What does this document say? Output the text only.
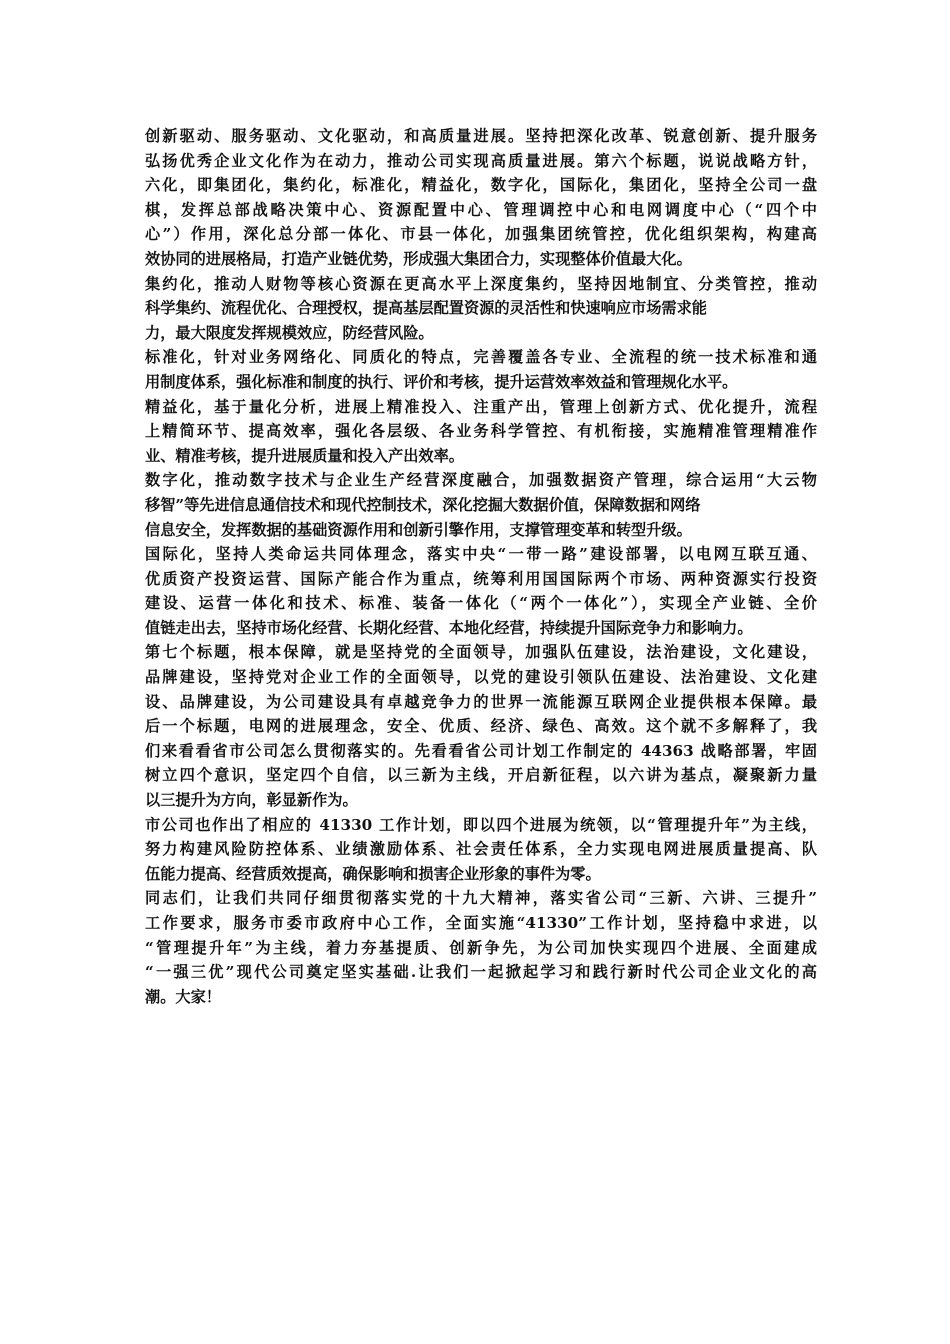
创新驱动、服务驱动、文化驱动，和高质量进展。坚持把深化改革、锐意创新、提升服务
弘扬优秀企业文化作为在动力，推动公司实现高质量进展。第六个标题，说说战略方针，
六化，即集团化，集约化，标准化，精益化，数字化，国际化，集团化，坚持全公司一盘
棋，发挥总部战略决策中心、资源配置中心、管理调控中心和电网调度中心（“四个中
心”）作用，深化总分部一体化、市县一体化，加强集团统管控，优化组织架构，构建高
效协同的进展格局，打造产业链优势，形成强大集团合力，实现整体价值最大化。
集约化，推动人财物等核心资源在更高水平上深度集约，坚持因地制宜、分类管控，推动
科学集约、流程优化、合理授权，提高基层配置资源的灵活性和快速响应市场需求能
力，最大限度发挥规模效应，防经营风险。
标准化，针对业务网络化、同质化的特点，完善覆盖各专业、全流程的统一技术标准和通
用制度体系，强化标准和制度的执行、评价和考核，提升运营效率效益和管理规化水平。
精益化，基于量化分析，进展上精准投入、注重产出，管理上创新方式、优化提升，流程
上精简环节、提高效率，强化各层级、各业务科学管控、有机衔接，实施精准管理精准作
业、精准考核，提升进展质量和投入产出效率。
数字化，推动数字技术与企业生产经营深度融合，加强数据资产管理，综合运用“大云物
移智”等先进信息通信技术和现代控制技术，深化挖掘大数据价值，保障数据和网络
信息安全，发挥数据的基础资源作用和创新引擎作用，支撑管理变革和转型升级。
国际化，坚持人类命运共同体理念，落实中央“一带一路”建设部署，以电网互联互通、
优质资产投资运营、国际产能合作为重点，统筹利用国国际两个市场、两种资源实行投资
建设、运营一体化和技术、标准、装备一体化（“两个一体化”），实现全产业链、全价
值链走出去，坚持市场化经营、长期化经营、本地化经营，持续提升国际竞争力和影响力。
第七个标题，根本保障，就是坚持党的全面领导，加强队伍建设，法治建设，文化建设，
品牌建设，坚持党对企业工作的全面领导，以党的建设引领队伍建设、法治建设、文化建
设、品牌建设，为公司建设具有卓越竞争力的世界一流能源互联网企业提供根本保障。最
后一个标题，电网的进展理念，安全、优质、经济、绿色、高效。这个就不多解释了，我
们来看看省市公司怎么贯彻落实的。先看看省公司计划工作制定的 44363 战略部署，牢固
树立四个意识，坚定四个自信，以三新为主线，开启新征程，以六讲为基点，凝聚新力量
以三提升为方向，彰显新作为。
市公司也作出了相应的 41330 工作计划，即以四个进展为统领，以“管理提升年”为主线，
努力构建风险防控体系、业绩激励体系、社会责任体系，全力实现电网进展质量提高、队
伍能力提高、经营质效提高，确保影响和损害企业形象的事件为零。
同志们，让我们共同仔细贯彻落实党的十九大精神，落实省公司“三新、六讲、三提升”
工作要求，服务市委市政府中心工作，全面实施“41330”工作计划，坚持稳中求进，以
“管理提升年”为主线，着力夯基提质、创新争先，为公司加快实现四个进展、全面建成
“一强三优”现代公司奠定坚实基础.让我们一起掀起学习和践行新时代公司企业文化的高
潮。大家！
